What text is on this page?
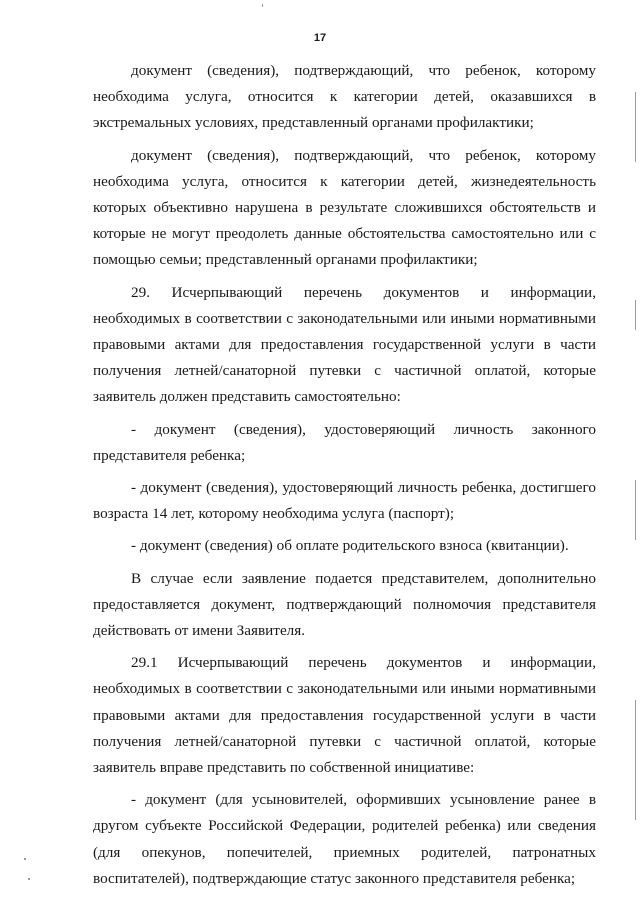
17

документ (сведения), подтверждающий, что ребенок, которому необходима услуга, относится к категории детей, оказавшихся в экстремальных условиях, представленный органами профилактики;

документ (сведения), подтверждающий, что ребенок, которому необходима услуга, относится к категории детей, жизнедеятельность которых объективно нарушена в результате сложившихся обстоятельств и которые не могут преодолеть данные обстоятельства самостоятельно или с помощью семьи; представленный органами профилактики;

29. Исчерпывающий перечень документов и информации, необходимых в соответствии с законодательными или иными нормативными правовыми актами для предоставления государственной услуги в части получения летней/санаторной путевки с частичной оплатой, которые заявитель должен представить самостоятельно:

- документ (сведения), удостоверяющий личность законного представителя ребенка;

- документ (сведения), удостоверяющий личность ребенка, достигшего возраста 14 лет, которому необходима услуга (паспорт);

- документ (сведения) об оплате родительского взноса (квитанции).

В случае если заявление подается представителем, дополнительно предоставляется документ, подтверждающий полномочия представителя действовать от имени Заявителя.

29.1 Исчерпывающий перечень документов и информации, необходимых в соответствии с законодательными или иными нормативными правовыми актами для предоставления государственной услуги в части получения летней/санаторной путевки с частичной оплатой, которые заявитель вправе представить по собственной инициативе:

- документ (для усыновителей, оформивших усыновление ранее в другом субъекте Российской Федерации, родителей ребенка) или сведения (для опекунов, попечителей, приемных родителей, патронатных воспитателей), подтверждающие статус законного представителя ребенка;
